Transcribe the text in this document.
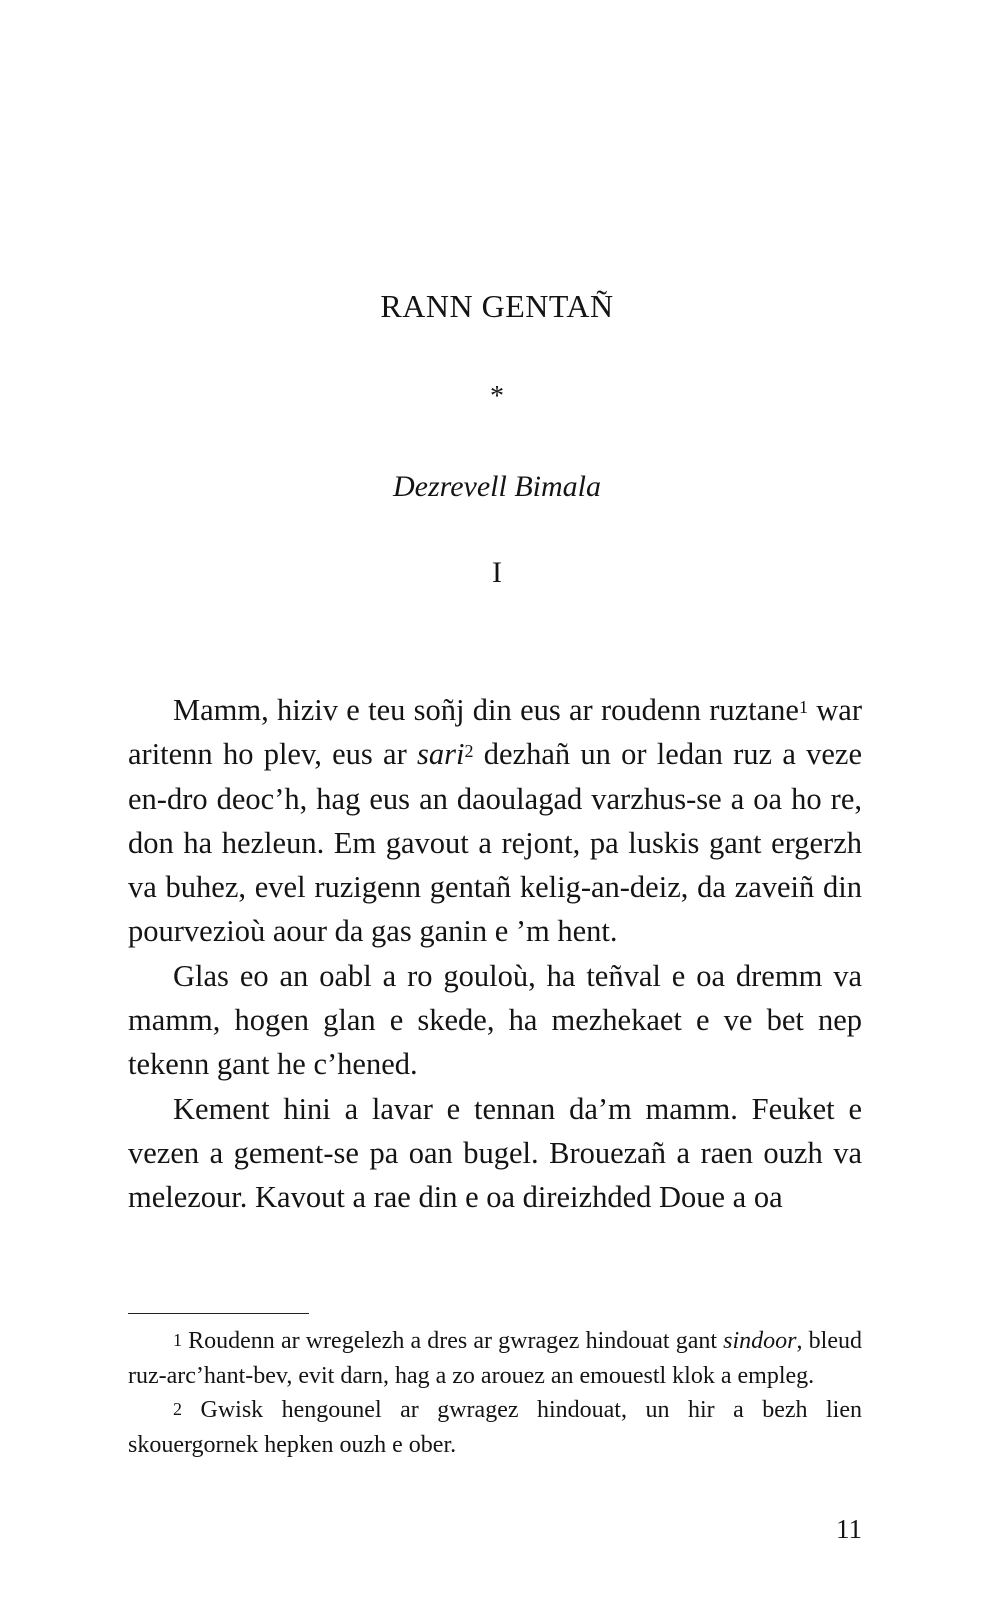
RANN GENTAÑ
*
Dezrevell Bimala
I

Mamm, hiziv e teu soñj din eus ar roudenn ruztane$^1$ war aritenn ho plev, eus ar sari$^2$ dezhañ un or ledan ruz a veze en-dro deoc’h, hag eus an daoulagad varzhus-se a oa ho re, don ha hezleun. Em gavout a rejont, pa luskis gant ergerzh va buhez, evel ruzigenn gentañ kelig-an-deiz, da zaveiñ din pourvezioù aour da gas ganin e ’m hent.

Glas eo an oabl a ro gouloù, ha teñval e oa dremm va mamm, hogen glan e skede, ha mezhekaet e ve bet nep tekenn gant he c’hened.

Kement hini a lavar e tennan da’m mamm. Feuket e vezen a gement-se pa oan bugel. Brouezañ a raen ouzh va melezour. Kavout a rae din e oa direizhded Doue a oa

$^1$ Roudenn ar wregelezh a dres ar gwragez hindouat gant sindoor, bleud ruz-arc’hant-bev, evit darn, hag a zo arouez an emouestl klok a empleg.

$^2$ Gwisk hengounel ar gwragez hindouat, un hir a bezh lien skouergornek hepken ouzh e ober.

11
